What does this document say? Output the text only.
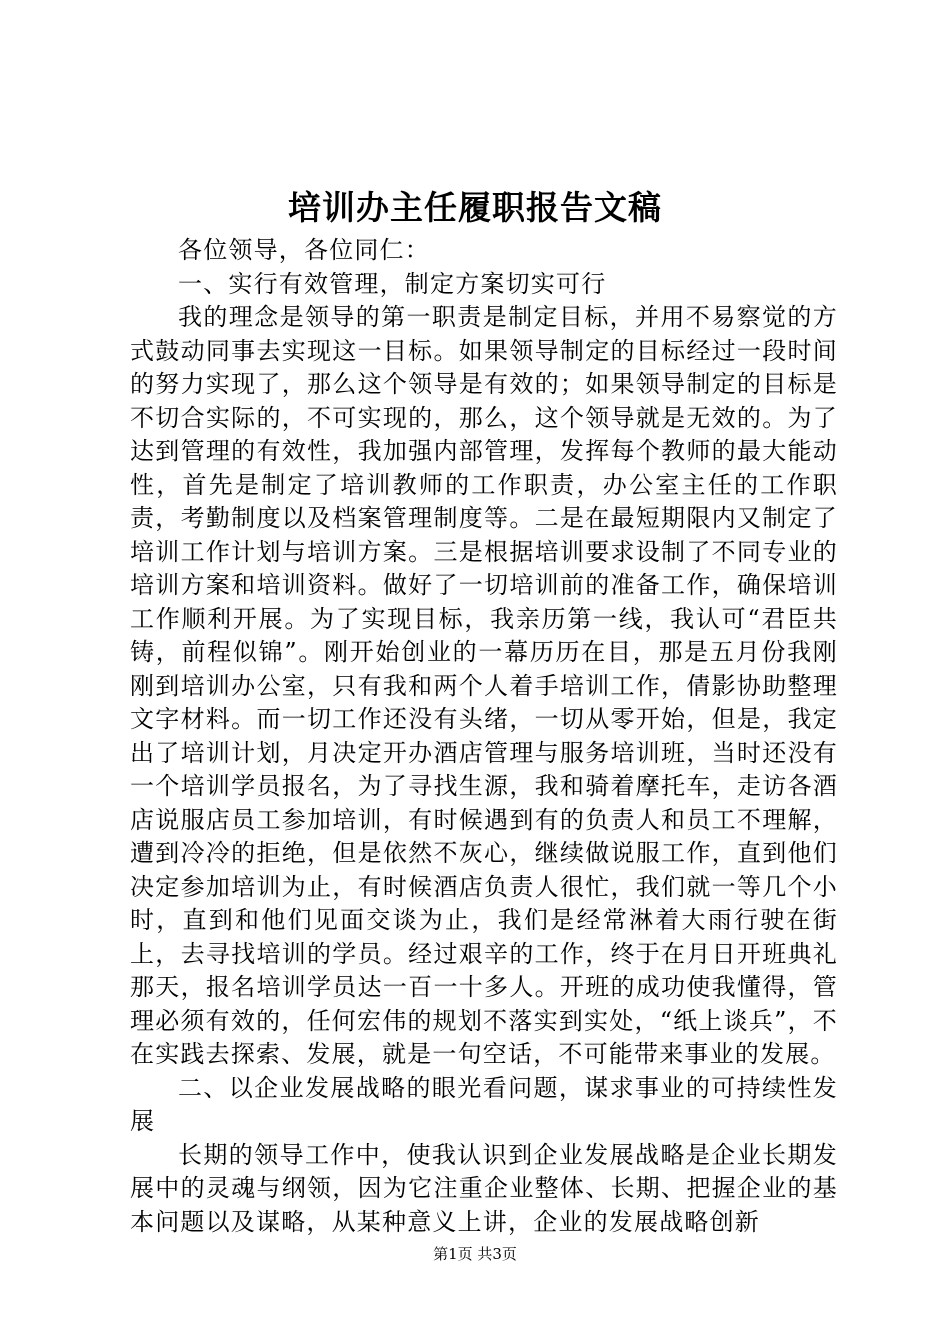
培训办主任履职报告文稿

各位领导，各位同仁：

一、实行有效管理，制定方案切实可行

我的理念是领导的第一职责是制定目标，并用不易察觉的方式鼓动同事去实现这一目标。如果领导制定的目标经过一段时间的努力实现了，那么这个领导是有效的；如果领导制定的目标是不切合实际的，不可实现的，那么，这个领导就是无效的。为了达到管理的有效性，我加强内部管理，发挥每个教师的最大能动性，首先是制定了培训教师的工作职责，办公室主任的工作职责，考勤制度以及档案管理制度等。二是在最短期限内又制定了培训工作计划与培训方案。三是根据培训要求设制了不同专业的培训方案和培训资料。做好了一切培训前的准备工作，确保培训工作顺利开展。为了实现目标，我亲历第一线，我认可“君臣共铸，前程似锦”。刚开始创业的一幕历历在目，那是五月份我刚刚到培训办公室，只有我和两个人着手培训工作，倩影协助整理文字材料。而一切工作还没有头绪，一切从零开始，但是，我定出了培训计划，月决定开办酒店管理与服务培训班，当时还没有一个培训学员报名，为了寻找生源，我和骑着摩托车，走访各酒店说服店员工参加培训，有时候遇到有的负责人和员工不理解，遭到冷冷的拒绝，但是依然不灰心，继续做说服工作，直到他们决定参加培训为止，有时候酒店负责人很忙，我们就一等几个小时，直到和他们见面交谈为止，我们是经常淋着大雨行驶在街上，去寻找培训的学员。经过艰辛的工作，终于在月日开班典礼那天，报名培训学员达一百一十多人。开班的成功使我懂得，管理必须有效的，任何宏伟的规划不落实到实处，“纸上谈兵”，不在实践去探索、发展，就是一句空话，不可能带来事业的发展。

二、以企业发展战略的眼光看问题，谋求事业的可持续性发展

长期的领导工作中，使我认识到企业发展战略是企业长期发展中的灵魂与纲领，因为它注重企业整体、长期、把握企业的基本问题以及谋略，从某种意义上讲，企业的发展战略创新

第1页 共3页
